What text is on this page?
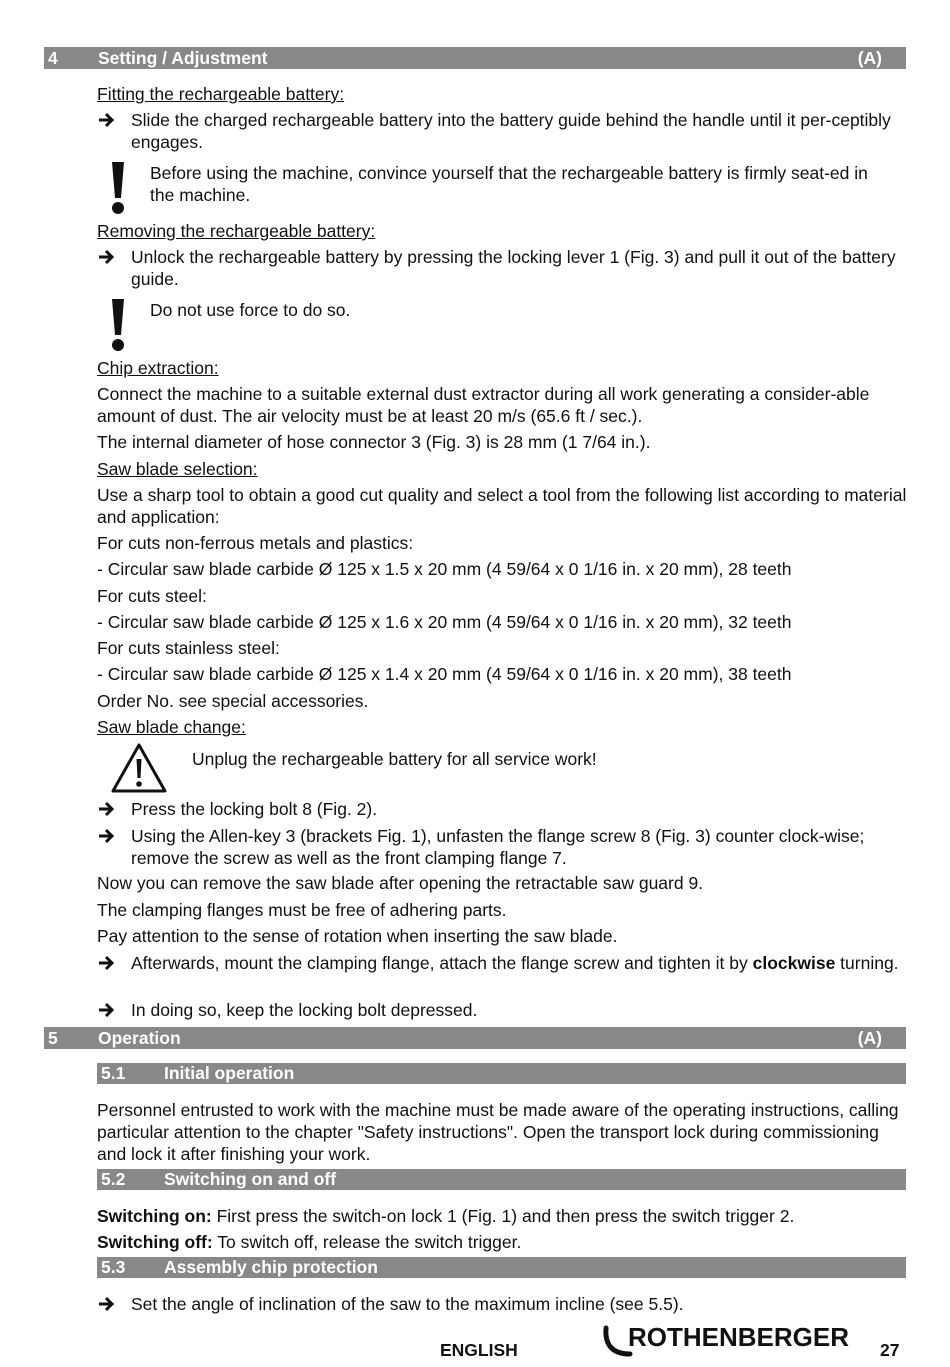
4 Setting / Adjustment	(A)
Fitting the rechargeable battery:
Slide the charged rechargeable battery into the battery guide behind the handle until it per-ceptibly engages.
Before using the machine, convince yourself that the rechargeable battery is firmly seat-ed in the machine.
Removing the rechargeable battery:
Unlock the rechargeable battery by pressing the locking lever 1 (Fig. 3) and pull it out of the battery guide.
Do not use force to do so.
Chip extraction:
Connect the machine to a suitable external dust extractor during all work generating a consider-able amount of dust. The air velocity must be at least 20 m/s (65.6 ft / sec.).
The internal diameter of hose connector 3 (Fig. 3) is 28 mm (1 7/64 in.).
Saw blade selection:
Use a sharp tool to obtain a good cut quality and select a tool from the following list according to material and application:
For cuts non-ferrous metals and plastics:
- Circular saw blade carbide Ø 125 x 1.5 x 20 mm (4 59/64 x 0 1/16 in. x 20 mm), 28 teeth
For cuts steel:
- Circular saw blade carbide Ø 125 x 1.6 x 20 mm (4 59/64 x 0 1/16 in. x 20 mm), 32 teeth
For cuts stainless steel:
- Circular saw blade carbide Ø 125 x 1.4 x 20 mm (4 59/64 x 0 1/16 in. x 20 mm), 38 teeth
Order No. see special accessories.
Saw blade change:
Unplug the rechargeable battery for all service work!
Press the locking bolt 8 (Fig. 2).
Using the Allen-key 3 (brackets Fig. 1), unfasten the flange screw 8 (Fig. 3) counter clock-wise; remove the screw as well as the front clamping flange 7.
Now you can remove the saw blade after opening the retractable saw guard 9.
The clamping flanges must be free of adhering parts.
Pay attention to the sense of rotation when inserting the saw blade.
Afterwards, mount the clamping flange, attach the flange screw and tighten it by clockwise turning.
In doing so, keep the locking bolt depressed.
5 Operation	(A)
5.1 Initial operation
Personnel entrusted to work with the machine must be made aware of the operating instructions, calling particular attention to the chapter "Safety instructions". Open the transport lock during commissioning and lock it after finishing your work.
5.2 Switching on and off
Switching on: First press the switch-on lock 1 (Fig. 1) and then press the switch trigger 2.
Switching off: To switch off, release the switch trigger.
5.3 Assembly chip protection
Set the angle of inclination of the saw to the maximum incline (see 5.5).
ENGLISH	ROTHENBERGER 27
